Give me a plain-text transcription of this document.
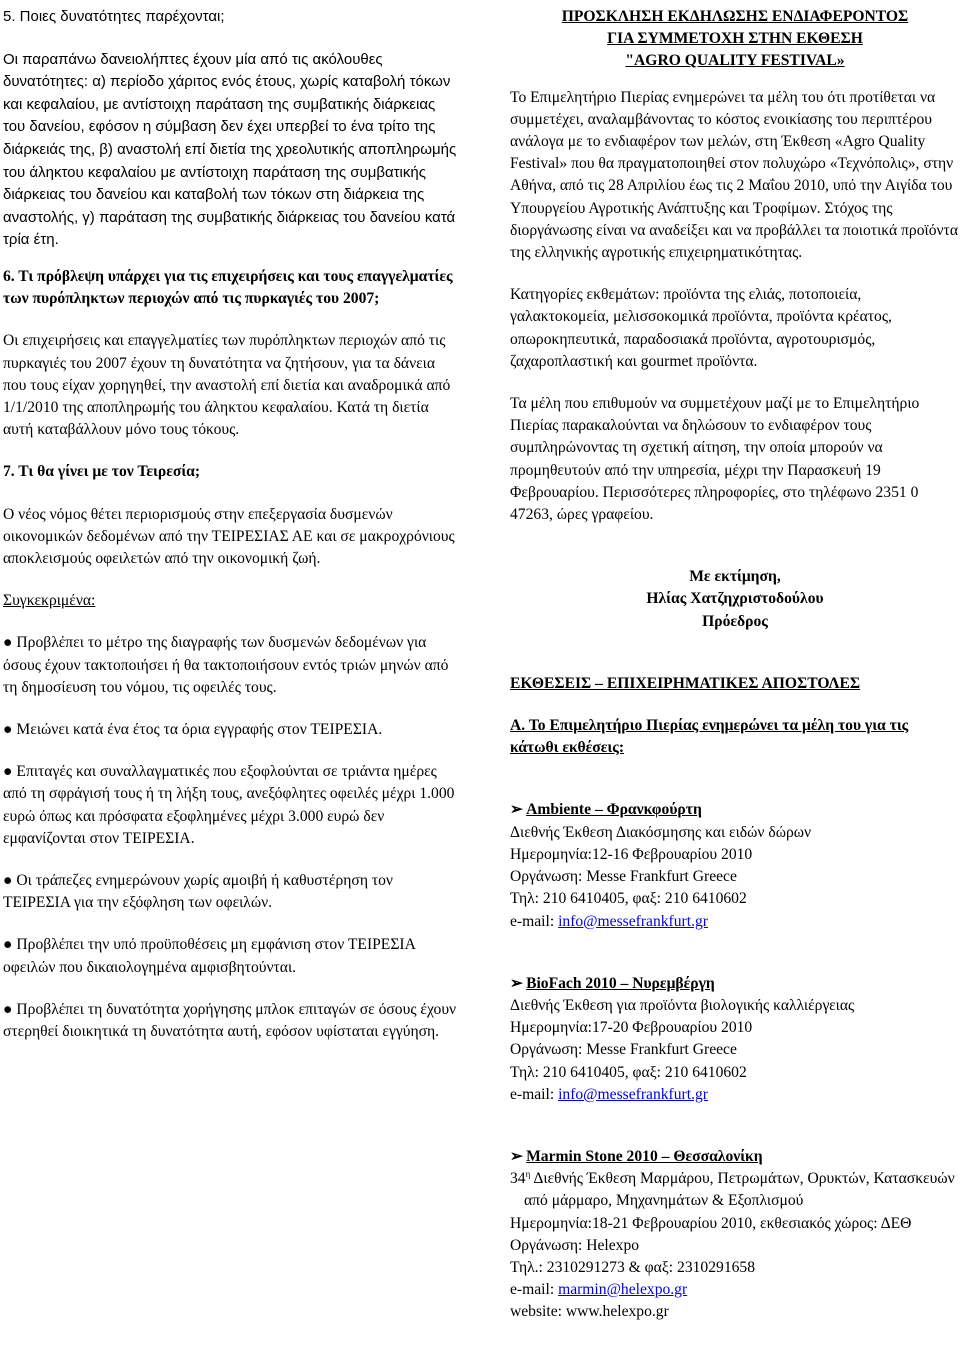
5. Ποιες δυνατότητες παρέχονται;

Οι παραπάνω δανειολήπτες έχουν μία από τις ακόλουθες δυνατότητες: α) περίοδο χάριτος ενός έτους, χωρίς καταβολή τόκων και κεφαλαίου, με αντίστοιχη παράταση της συμβατικής διάρκειας του δανείου, εφόσον η σύμβαση δεν έχει υπερβεί το ένα τρίτο της διάρκειάς της, β) αναστολή επί διετία της χρεολυτικής αποπληρωμής του άληκτου κεφαλαίου με αντίστοιχη παράταση της συμβατικής διάρκειας του δανείου και καταβολή των τόκων στη διάρκεια της αναστολής, γ) παράταση της συμβατικής διάρκειας του δανείου κατά τρία έτη.

6. Τι πρόβλεψη υπάρχει για τις επιχειρήσεις και τους επαγγελματίες των πυρόπληκτων περιοχών από τις πυρκαγιές του 2007;

Οι επιχειρήσεις και επαγγελματίες των πυρόπληκτων περιοχών από τις πυρκαγιές του 2007 έχουν τη δυνατότητα να ζητήσουν, για τα δάνεια που τους είχαν χορηγηθεί, την αναστολή επί διετία και αναδρομικά από 1/1/2010 της αποπληρωμής του άληκτου κεφαλαίου. Κατά τη διετία αυτή καταβάλλουν μόνο τους τόκους.

7. Τι θα γίνει με τον Τειρεσία;

Ο νέος νόμος θέτει περιορισμούς στην επεξεργασία δυσμενών οικονομικών δεδομένων από την ΤΕΙΡΕΣΙΑΣ ΑΕ και σε μακροχρόνιους αποκλεισμούς οφειλετών από την οικονομική ζωή.

Συγκεκριμένα:

● Προβλέπει το μέτρο της διαγραφής των δυσμενών δεδομένων για όσους έχουν τακτοποιήσει ή θα τακτοποιήσουν εντός τριών μηνών από τη δημοσίευση του νόμου, τις οφειλές τους.

● Μειώνει κατά ένα έτος τα όρια εγγραφής στον ΤΕΙΡΕΣΙΑ.

● Επιταγές και συναλλαγματικές που εξοφλούνται σε τριάντα ημέρες από τη σφράγισή τους ή τη λήξη τους, ανεξόφλητες οφειλές μέχρι 1.000 ευρώ όπως και πρόσφατα εξοφλημένες μέχρι 3.000 ευρώ δεν εμφανίζονται στον ΤΕΙΡΕΣΙΑ.

● Οι τράπεζες ενημερώνουν χωρίς αμοιβή ή καθυστέρηση τον ΤΕΙΡΕΣΙΑ για την εξόφληση των οφειλών.

● Προβλέπει την υπό προϋποθέσεις μη εμφάνιση στον ΤΕΙΡΕΣΙΑ οφειλών που δικαιολογημένα αμφισβητούνται.

● Προβλέπει τη δυνατότητα χορήγησης μπλοκ επιταγών σε όσους έχουν στερηθεί διοικητικά τη δυνατότητα αυτή, εφόσον υφίσταται εγγύηση.

ΠΡΟΣΚΛΗΣΗ ΕΚΔΗΛΩΣΗΣ ΕΝΔΙΑΦΕΡΟΝΤΟΣ

ΓΙΑ ΣΥΜΜΕΤΟΧΗ ΣΤΗΝ ΕΚΘΕΣΗ

"AGRO QUALITY FESTIVAL»

Το Επιμελητήριο Πιερίας ενημερώνει τα μέλη του ότι προτίθεται να συμμετέχει, αναλαμβάνοντας το κόστος ενοικίασης του περιπτέρου ανάλογα με το ενδιαφέρον των μελών, στη Έκθεση «Agro Quality Festival» που θα πραγματοποιηθεί στον πολυχώρο «Τεχνόπολις», στην Αθήνα, από τις 28 Απριλίου έως τις 2 Μαΐου 2010, υπό την Αιγίδα του Υπουργείου Αγροτικής Ανάπτυξης και Τροφίμων. Στόχος της διοργάνωσης είναι να αναδείξει και να προβάλλει τα ποιοτικά προϊόντα της ελληνικής αγροτικής επιχειρηματικότητας.

Κατηγορίες εκθεμάτων: προϊόντα της ελιάς, ποτοποιεία, γαλακτοκομεία, μελισσοκομικά προϊόντα, προϊόντα κρέατος, οπωροκηπευτικά, παραδοσιακά προϊόντα, αγροτουρισμός, ζαχαροπλαστική και gourmet προϊόντα.

Τα μέλη που επιθυμούν να συμμετέχουν μαζί με το Επιμελητήριο Πιερίας παρακαλούνται να δηλώσουν το ενδιαφέρον τους συμπληρώνοντας τη σχετική αίτηση, την οποία μπορούν να προμηθευτούν από την υπηρεσία, μέχρι την Παρασκευή 19 Φεβρουαρίου. Περισσότερες πληροφορίες, στο τηλέφωνο 2351 0 47263, ώρες γραφείου.

Με εκτίμηση,

Ηλίας Χατζηχριστοδούλου

Πρόεδρος

ΕΚΘΕΣΕΙΣ – ΕΠΙΧΕΙΡΗΜΑΤΙΚΕΣ ΑΠΟΣΤΟΛΕΣ

Α. Το Επιμελητήριο Πιερίας ενημερώνει τα μέλη του για τις κάτωθι εκθέσεις:

➢ Ambiente – Φρανκφούρτη

Διεθνής Έκθεση Διακόσμησης και ειδών δώρων

Ημερομηνία:12-16 Φεβρουαρίου 2010

Οργάνωση: Messe Frankfurt Greece

Τηλ: 210 6410405, φαξ: 210 6410602

e-mail: info@messefrankfurt.gr

➢ BioFach 2010 – Νυρεμβέργη

Διεθνής Έκθεση για προϊόντα βιολογικής καλλιέργειας

Ημερομηνία:17-20 Φεβρουαρίου 2010

Οργάνωση: Messe Frankfurt Greece

Τηλ: 210 6410405, φαξ: 210 6410602

e-mail: info@messefrankfurt.gr

➢ Marmin Stone 2010 – Θεσσαλονίκη

$34^\eta$ Διεθνής Έκθεση Μαρμάρου, Πετρωμάτων, Ορυκτών, Κατασκευών από μάρμαρο, Μηχανημάτων & Εξοπλισμού

Ημερομηνία:18-21 Φεβρουαρίου 2010, εκθεσιακός χώρος: ΔΕΘ

Οργάνωση: Helexpo

Τηλ.: 2310291273 & φαξ: 2310291658

e-mail: marmin@helexpo.gr

website: www.helexpo.gr
